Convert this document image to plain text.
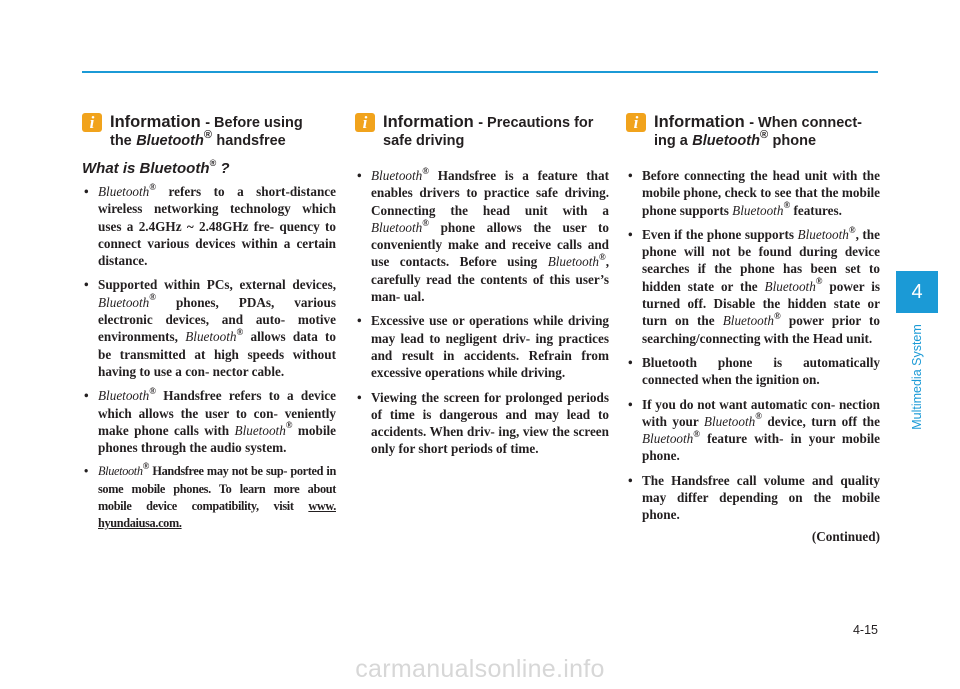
i Information - Before using
the Bluetooth® handsfree
What is Bluetooth® ?
• Bluetooth® refers to a short-distance wireless networking technology which uses a 2.4GHz ~ 2.48GHz fre- quency to connect various devices within a certain distance.
• Supported within PCs, external devices, Bluetooth® phones, PDAs, various electronic devices, and auto- motive environments, Bluetooth® allows data to be transmitted at high speeds without having to use a con- nector cable.
• Bluetooth® Handsfree refers to a device which allows the user to con- veniently make phone calls with Bluetooth® mobile phones through the audio system.
• Bluetooth® Handsfree may not be sup- ported in some mobile phones. To learn more about mobile device compatibility, visit www. hyundaiusa.com.
i Information - Precautions for
safe driving
• Bluetooth® Handsfree is a feature that enables drivers to practice safe driving. Connecting the head unit with a Bluetooth® phone allows the user to conveniently make and receive calls and use contacts. Before using Bluetooth®, carefully read the contents of this user’s man- ual.
• Excessive use or operations while driving may lead to negligent driv- ing practices and result in accidents. Refrain from excessive operations while driving.
• Viewing the screen for prolonged periods of time is dangerous and may lead to accidents. When driv- ing, view the screen only for short periods of time.
i Information - When connect-
ing a Bluetooth® phone
• Before connecting the head unit with the mobile phone, check to see that the mobile phone supports Bluetooth® features.
• Even if the phone supports Bluetooth®, the phone will not be found during device searches if the phone has been set to hidden state or the Bluetooth® power is turned off. Disable the hidden state or turn on the Bluetooth® power prior to searching/connecting with the Head unit.
• Bluetooth phone is automatically connected when the ignition on.
• If you do not want automatic con- nection with your Bluetooth® device, turn off the Bluetooth® feature with- in your mobile phone.
• The Handsfree call volume and quality may differ depending on the mobile phone.
(Continued)
4
Multimedia System
4-15
carmanualsonline.info
